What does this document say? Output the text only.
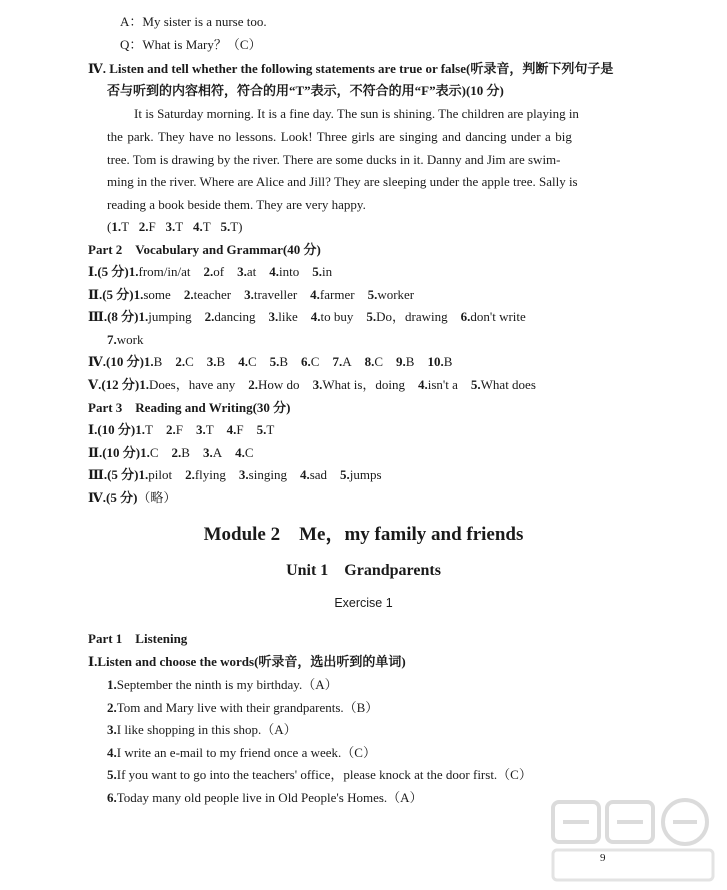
A：My sister is a nurse too.
Q：What is Mary？（C）
Ⅳ. Listen and tell whether the following statements are true or false(听录音，判断下列句子是
否与听到的内容相符，符合的用“T”表示，不符合的用“F”表示)(10 分)
It is Saturday morning. It is a fine day. The sun is shining. The children are playing in
the park. They have no lessons. Look! Three girls are singing and dancing under a big
tree. Tom is drawing by the river. There are some ducks in it. Danny and Jim are swim-
ming in the river. Where are Alice and Jill? They are sleeping under the apple tree. Sally is
reading a book beside them. They are very happy.
(1.T 2.F 3.T 4.T 5.T)
Part 2　Vocabulary and Grammar(40 分)
Ⅰ.(5 分)1.from/in/at 2.of 3.at 4.into 5.in
Ⅱ.(5 分)1.some 2.teacher 3.traveller 4.farmer 5.worker
Ⅲ.(8 分)1.jumping 2.dancing 3.like 4.to buy 5.Do，drawing 6.don't write
7.work
Ⅳ.(10 分)1.B 2.C 3.B 4.C 5.B 6.C 7.A 8.C 9.B 10.B
Ⅴ.(12 分)1.Does，have any 2.How do 3.What is，doing 4.isn't a 5.What does
Part 3　Reading and Writing(30 分)
Ⅰ.(10 分)1.T 2.F 3.T 4.F 5.T
Ⅱ.(10 分)1.C 2.B 3.A 4.C
Ⅲ.(5 分)1.pilot 2.flying 3.singing 4.sad 5.jumps
Ⅳ.(5 分)（略）
Module 2　Me，my family and friends
Unit 1　Grandparents
Exercise 1
Part 1　Listening
Ⅰ.Listen and choose the words(听录音，选出听到的单词)
1.September the ninth is my birthday.（A）
2.Tom and Mary live with their grandparents.（B）
3.I like shopping in this shop.（A）
4.I write an e-mail to my friend once a week.（C）
5.If you want to go into the teachers' office，please knock at the door first.（C）
6.Today many old people live in Old People's Homes.（A）
9
